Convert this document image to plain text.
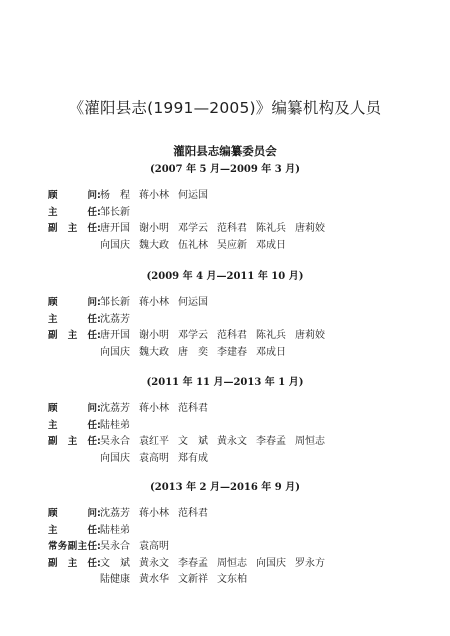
《灌阳县志(1991—2005)》编纂机构及人员
灌阳县志编纂委员会
(2007 年 5 月—2009 年 3 月)
顾　　问 : 杨　程 蒋小林 何运国
主　　任 : 邹长新
副　主　任 : 唐开国 谢小明 邓学云 范科君 陈礼兵 唐莉姣
向国庆 魏大政 伍礼林 吴应新 邓成日
(2009 年 4 月—2011 年 10 月)
顾　　问 : 邹长新 蒋小林 何运国
主　　任 : 沈荔芳
副　主　任 : 唐开国 谢小明 邓学云 范科君 陈礼兵 唐莉姣
向国庆 魏大政 唐　奕 李建春 邓成日
(2011 年 11 月—2013 年 1 月)
顾　　问 : 沈荔芳 蒋小林 范科君
主　　任 : 陆桂弟
副　主　任 : 吴永合 袁红平 文　斌 黄永文 李春孟 周恒志
向国庆 袁高明 郑有成
(2013 年 2 月—2016 年 9 月)
顾　　问 : 沈荔芳 蒋小林 范科君
主　　任 : 陆桂弟
常务副主任 : 吴永合 袁高明
副　主　任 : 文　斌 黄永文 李春孟 周恒志 向国庆 罗永方
陆健康 黄水华 文新祥 文东柏
